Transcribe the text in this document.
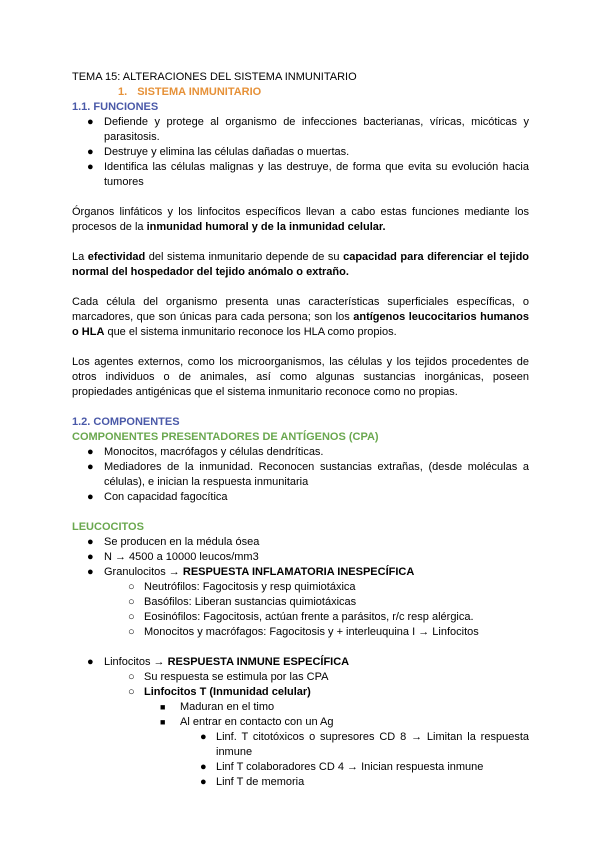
TEMA 15: ALTERACIONES DEL SISTEMA INMUNITARIO

1. SISTEMA INMUNITARIO

1.1. FUNCIONES

● Defiende y protege al organismo de infecciones bacterianas, víricas, micóticas y parasitosis.
● Destruye y elimina las células dañadas o muertas.
● Identifica las células malignas y las destruye, de forma que evita su evolución hacia tumores

Órganos linfáticos y los linfocitos específicos llevan a cabo estas funciones mediante los procesos de la inmunidad humoral y de la inmunidad celular.

La efectividad del sistema inmunitario depende de su capacidad para diferenciar el tejido normal del hospedador del tejido anómalo o extraño.

Cada célula del organismo presenta unas características superficiales específicas, o marcadores, que son únicas para cada persona; son los antígenos leucocitarios humanos o HLA que el sistema inmunitario reconoce los HLA como propios.

Los agentes externos, como los microorganismos, las células y los tejidos procedentes de otros individuos o de animales, así como algunas sustancias inorgánicas, poseen propiedades antigénicas que el sistema inmunitario reconoce como no propias.

1.2. COMPONENTES

COMPONENTES PRESENTADORES DE ANTÍGENOS (CPA)

● Monocitos, macrófagos y células dendríticas.
● Mediadores de la inmunidad. Reconocen sustancias extrañas, (desde moléculas a células), e inician la respuesta inmunitaria
● Con capacidad fagocítica

LEUCOCITOS

● Se producen en la médula ósea
● N → 4500 a 10000 leucos/mm3
● Granulocitos → RESPUESTA INFLAMATORIA INESPECÍFICA
○ Neutrófilos: Fagocitosis y resp quimiotáxica
○ Basófilos: Liberan sustancias quimiotáxicas
○ Eosinófilos: Fagocitosis, actúan frente a parásitos, r/c resp alérgica.
○ Monocitos y macrófagos: Fagocitosis y + interleuquina I → Linfocitos
● Linfocitos → RESPUESTA INMUNE ESPECÍFICA
○ Su respuesta se estimula por las CPA
○ Linfocitos T (Inmunidad celular)
■ Maduran en el timo
■ Al entrar en contacto con un Ag
● Linf. T citotóxicos o supresores CD 8 → Limitan la respuesta inmune
● Linf T colaboradores CD 4 → Inician respuesta inmune
● Linf T de memoria
